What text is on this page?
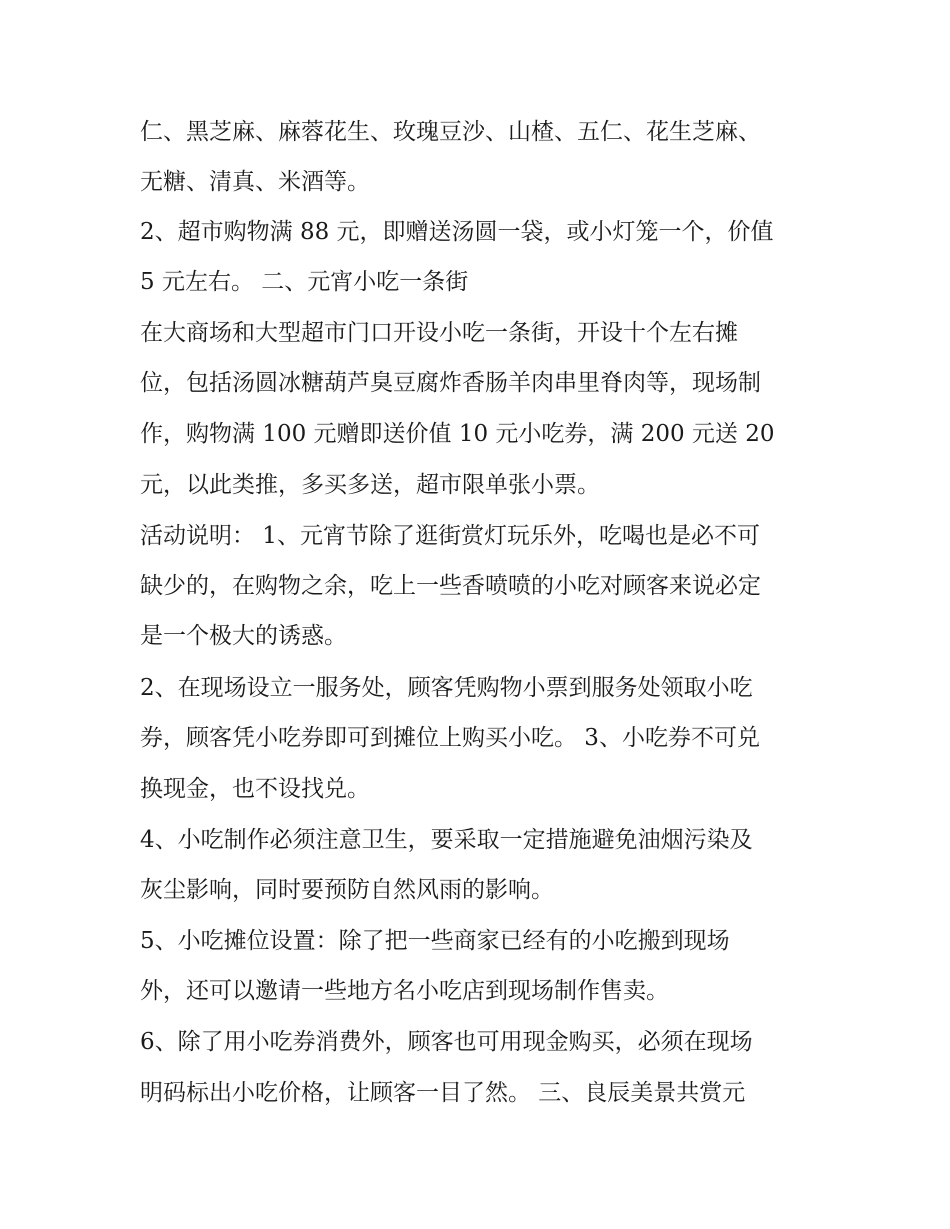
仁、黑芝麻、麻蓉花生、玫瑰豆沙、山楂、五仁、花生芝麻、
无糖、清真、米酒等。
2、超市购物满 88 元，即赠送汤圆一袋，或小灯笼一个，价值
5 元左右。 二、元宵小吃一条街
在大商场和大型超市门口开设小吃一条街，开设十个左右摊
位，包括汤圆冰糖葫芦臭豆腐炸香肠羊肉串里脊肉等，现场制
作，购物满 100 元赠即送价值 10 元小吃券，满 200 元送 20
元，以此类推，多买多送，超市限单张小票。
活动说明： 1、元宵节除了逛街赏灯玩乐外，吃喝也是必不可
缺少的，在购物之余，吃上一些香喷喷的小吃对顾客来说必定
是一个极大的诱惑。
2、在现场设立一服务处，顾客凭购物小票到服务处领取小吃
券，顾客凭小吃券即可到摊位上购买小吃。 3、小吃券不可兑
换现金，也不设找兑。
4、小吃制作必须注意卫生，要采取一定措施避免油烟污染及
灰尘影响，同时要预防自然风雨的影响。
5、小吃摊位设置：除了把一些商家已经有的小吃搬到现场
外，还可以邀请一些地方名小吃店到现场制作售卖。
6、除了用小吃券消费外，顾客也可用现金购买，必须在现场
明码标出小吃价格，让顾客一目了然。 三、良辰美景共赏元
